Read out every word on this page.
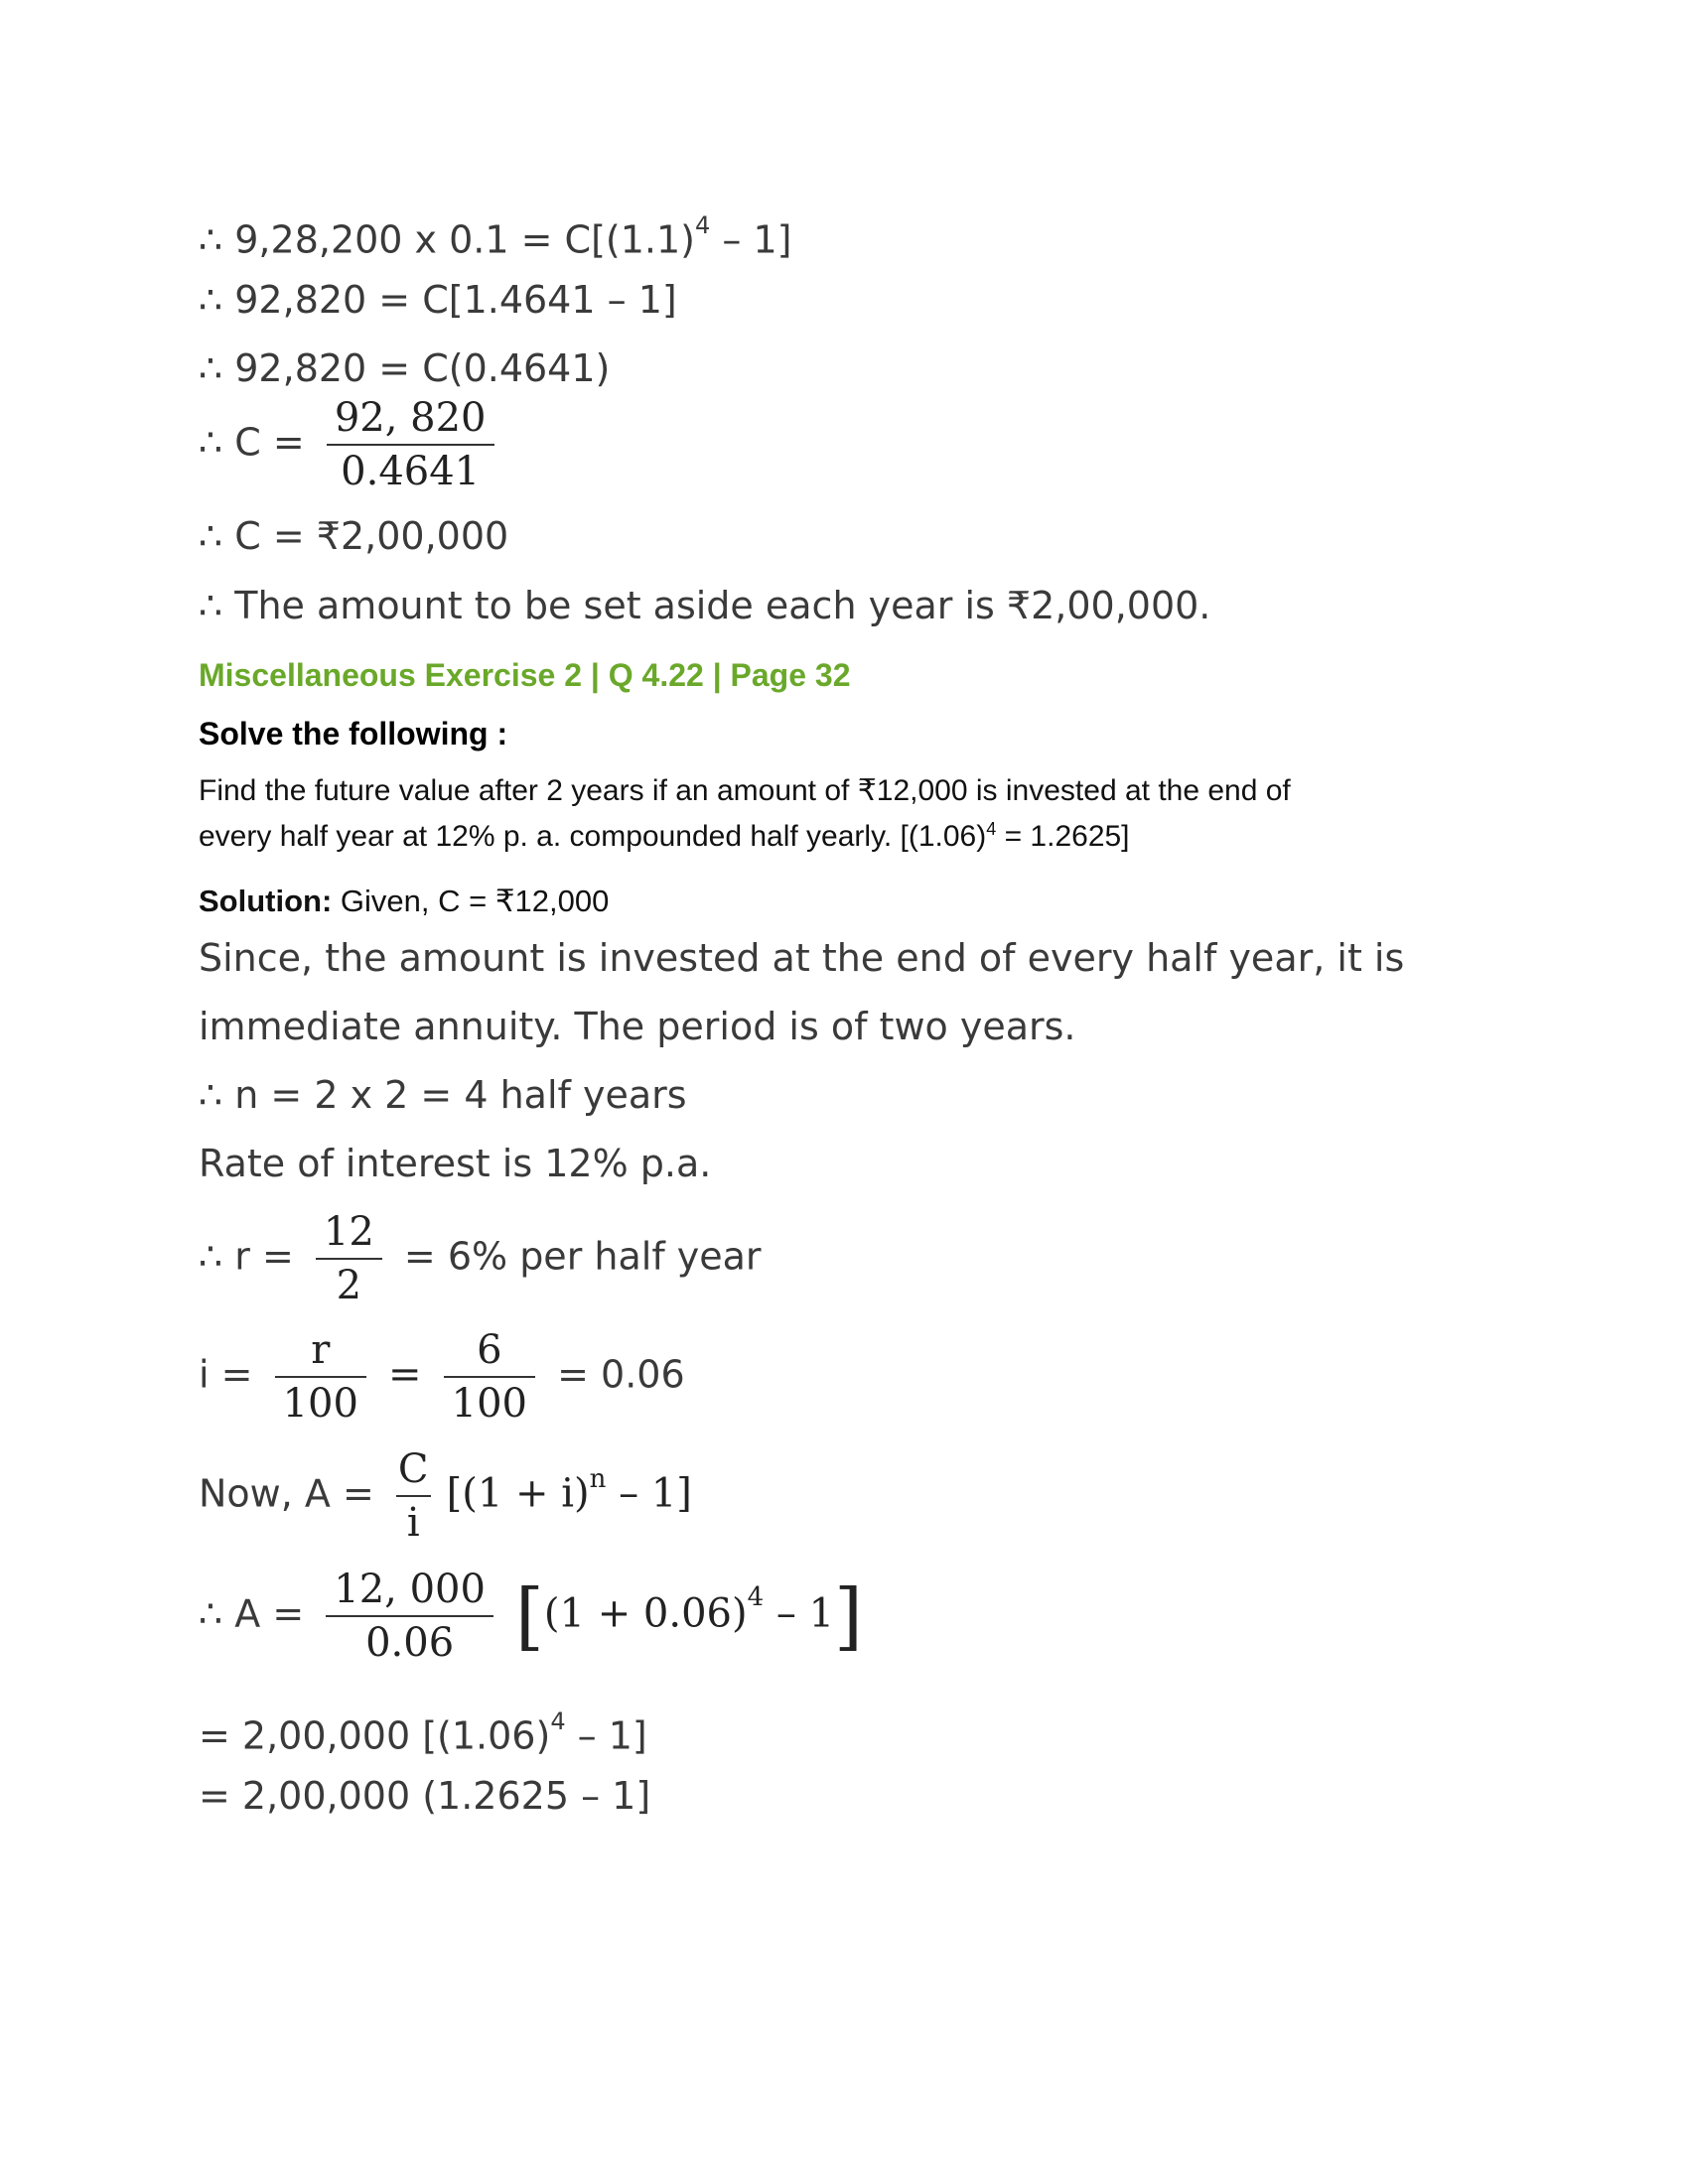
∴ 9,28,200 x $0.1 = C[(1.1)^4 - 1]$
∴ 92,820 = C[1.4641 – 1]
∴ 92,820 = C(0.4641)
∴ $C = \frac{92, 820}{0.4641}$
∴ C = ₹2,00,000
∴ The amount to be set aside each year is ₹2,00,000.
Miscellaneous Exercise 2 | Q 4.22 | Page 32
Solve the following :
Find the future value after 2 years if an amount of ₹12,000 is invested at the end of
every half year at 12% p. a. compounded half yearly. $[(1.06)^4 = 1.2625]$
Solution: Given, C = ₹12,000
Since, the amount is invested at the end of every half year, it is
immediate annuity. The period is of two years.
∴ n = 2 x 2 = 4 half years
Rate of interest is 12% p.a.
∴ $r = \frac{12}{2} = 6\%$ per half year
$i = \frac{r}{100} = \frac{6}{100} = 0.06$
Now, $A = \frac{C}{i} [(1 + i)^n - 1]$
∴ $A = \frac{12, 000}{0.06} [(1 + 0.06)^4 - 1]$
= 2,00,000 $[(1.06)^4 - 1]$
= 2,00,000 (1.2625 – 1]
